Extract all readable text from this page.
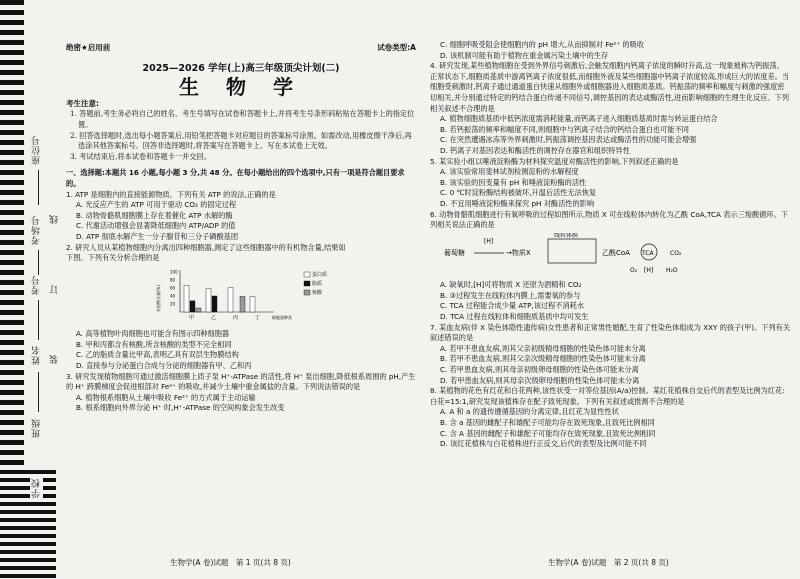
座位号
考场号
考号
姓名
班级
学校
线
订
装
绝密★启用前	试卷类型:A
2025—2026 学年(上)高三年级顶尖计划(二)
生 物 学
考生注意:
1. 答题前,考生务必将自己的姓名、考生号填写在试卷和答题卡上,并将考生号条形码粘贴在答题卡上的指定位置。
2. 回答选择题时,选出每小题答案后,用铅笔把答题卡对应题目的答案标号涂黑。如需改动,用橡皮擦干净后,再选涂其他答案标号。回答非选择题时,将答案写在答题卡上。写在本试卷上无效。
3. 考试结束后,将本试卷和答题卡一并交回。
一、选择题:本题共 16 小题,每小题 3 分,共 48 分。在每小题给出的四个选项中,只有一项是符合题目要求的。

1. ATP 是细胞内的直接能源物质。下列有关 ATP 的说法,正确的是

A. 光反应产生的 ATP 可用于驱动 CO₂ 的固定过程

B. 动物骨骼肌细胞膜上存在着催化 ATP 水解的酶

C. 代谢活动增强会显著降低细胞内 ATP/ADP 的值

D. ATP 彻底水解产生一分子腺苷和三分子磷酸基团

2. 研究人员从某植物细胞内分离出四种细胞器,测定了这些细胞器中的有机物含量,结果如

下图。下列有关分析合理的是

有机物含量(%)
100
80
60
40
20
甲	乙	丙	丁	细胞器种类
蛋白质
脂质
核酸

A. 高等植物叶肉细胞也可能含有图示四种细胞器

B. 甲和丙都含有核酸,所含核酸的类型不完全相同

C. 乙的脂质含量比甲高,表明乙具有双层生物膜结构

D. 直接参与分泌蛋白合成与分泌的细胞器有甲、乙和丙

3. 研究发现植物细胞可通过激活细胞膜上质子泵 H⁺-ATPase 的活性,将 H⁺ 泵出细胞,降低根系周围的 pH,产生的 H⁺ 跨膜梯度会促进根部对 Fe²⁺ 的吸收,并减少土壤中重金属盐的含量。下列说法错误的是

A. 植物根系细胞从土壤中吸收 Fe²⁺ 的方式属于主动运输

B. 根系细胞向外界分泌 H⁺ 时,H⁺-ATPase 的空间构象会发生改变

生物学(A 卷)试题　第 1 页(共 8 页)

C. 细胞呼吸受阻会使细胞内的 pH 增大,从而抑制对 Fe²⁺ 的吸收

D. 该机制可能有助于植物在重金属污染土壤中的生存

4. 研究发现,某些植物细胞在受到外界信号刺激后,会触发细胞内钙离子浓度的瞬时升高,这一现象被称为钙振荡。正常状态下,细胞质基质中游离钙离子浓度很低,而细胞外液及某些细胞器中钙离子浓度较高,形成巨大的浓度差。当细胞受刺激时,钙离子通过通道蛋白快速从细胞外或细胞器进入细胞质基质。钙振荡的频率和幅度与刺激的强度密切相关,并分别通过特定的钙结合蛋白传递不同信号,调控基因的表达或酶活性,进而影响细胞的生理生化反应。下列相关叙述不合理的是

A. 植物细胞质基质中低钙浓度需消耗能量,而钙离子进入细胞质基质时需与转运蛋白结合

B. 若钙振荡的频率和幅度不同,则细胞中与钙离子结合的钙结合蛋白也可能不同

C. 在突然遭遇冰冻等外界刺激时,钙振荡调控基因表达或酶活性的功能可能会增强

D. 钙离子对基因表达和酶活性的调控存在器官和组织特异性

5. 某实验小组以唾液淀粉酶为材料探究温度对酶活性的影响,下列叙述正确的是

A. 该实验常用斐林试剂检测淀粉的水解程度

B. 该实验的因变量有 pH 和唾液淀粉酶的活性

C. 0 ℃时淀粉酶结构被破坏,升温后活性无法恢复

D. 不宜用唾液淀粉酶来探究 pH 对酶活性的影响

6. 动物骨骼肌细胞进行有氧呼吸的过程如图所示,物质 X 可在线粒体内转化为乙酰 CoA,TCA 表示三羧酸循环。下列相关说法正确的是

葡萄糖
[H]
→物质X
线粒体膜
乙酰CoA TCA	CO₂
[H]
O₂	H₂O

A. 缺氧时,[H]可将物质 X 还原为酒精和 CO₂

B. ③过程发生在线粒体内膜上,需要氧的参与

C. TCA 过程能合成少量 ATP,该过程不消耗水

D. TCA 过程在线粒体和细胞质基质中均可发生

7. 某血友病(伴 X 染色体隐性遗传病)女性患者和正常男性婚配,生育了性染色体组成为 XXY 的孩子(甲)。下列有关叙述错误的是

A. 若甲不患血友病,则其父亲初级精母细胞的性染色体可能未分离

B. 若甲不患血友病,则其父亲次级精母细胞的性染色体可能未分离

C. 若甲患血友病,则其母亲初级卵母细胞的性染色体可能未分离

D. 若甲患血友病,则其母亲次级卵母细胞的性染色体可能未分离

8. 某植物的花色有红花和白花两种,该性状受一对等位基因(A/a)控制。某红花植株自交后代的表型及比例为红花:白花=15:1,研究发现该植株存在配子致死现象。下列有关叙述或推测不合理的是

A. A 和 a 的遗传遵循基因的分离定律,且红花为显性性状

B. 含 a 基因的雌配子和雄配子可能均存在致死现象,且致死比例相同

C. 含 A 基因的雌配子和雄配子可能均存在致死现象,且致死比例相同

D. 该红花植株与白花植株进行正反交,后代的表型及比例可能不同

生物学(A 卷)试题　第 2 页(共 8 页)
